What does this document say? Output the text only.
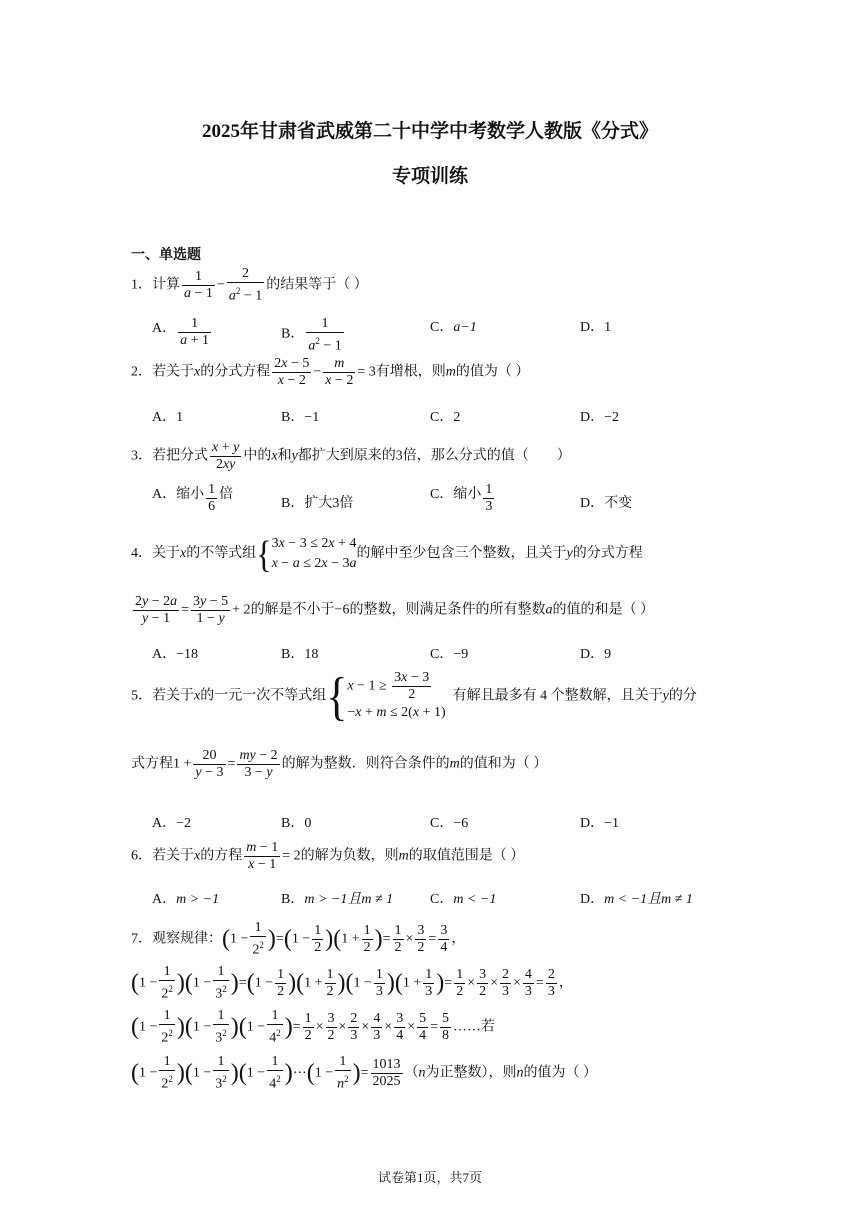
2025年甘肃省武威第二十中学中考数学人教版《分式》
专项训练
一、单选题
1．计算 $\frac{1}{a - 1} - \frac{2}{a^2 - 1}$ 的结果等于（ ）
A． $\frac{1}{a + 1}$	B． $\frac{1}{a^2 - 1}$	C．a−1	D．1
2．若关于x的分式方程 $\frac{2x - 5}{x - 2} - \frac{m}{x - 2} = 3$有增根，则m的值为（ ）
A．1	B．−1	C．2	D．−2
3．若把分式 $\frac{x + y}{2xy}$ 中的x和y都扩大到原来的3倍，那么分式的值（　　）
A．缩小 $\frac{1}{6}$ 倍
B．扩大3倍
C．缩小 $\frac{1}{3}$	D．不变
4．关于x的不等式组{ 3x − 3 ≤ 2x + 4
x − a ≤ 2x − 3a
的解中至少包含三个整数，且关于y的分式方程
$\frac{2y - 2a}{y - 1} = \frac{3y - 5}{1 - y} + 2$的解是不小于−6的整数，则满足条件的所有整数a的值的和是（ ）
A．−18	B．18	C．−9	D．9
5．若关于x的一元一次不等式组{ $x - 1 \ge \frac{3x - 3}{2}$
−x + m ≤ 2(x + 1)
有解且最多有 4 个整数解，且关于y的分
式方程$1 + \frac{20}{y - 3} = \frac{my - 2}{3 - y}$ 的解为整数．则符合条件的m的值和为（ ）
A．−2	B．0	C．−6	D．−1
6．若关于x的方程 $\frac{m - 1}{x - 1} = 2$的解为负数，则m的取值范围是（ ）
A．m > −1	B．m > −1且m ≠ 1	C．m < −1	D．m < −1且m ≠ 1
7．观察规律：$(1 - \frac{1}{2^2} )=(1 - \frac{1}{2} )(1 + \frac{1}{2}$ )= $\frac{1}{2} \times \frac{3}{2} = \frac{3}{4}$ ，
$(1 - \frac{1}{2^2} )(1 - \frac{1}{3^2} )=(1 - \frac{1}{2} )(1 + \frac{1}{2} )(1 - \frac{1}{3} )(1 + \frac{1}{3}$ )= $\frac{1}{2} \times \frac{3}{2} \times \frac{2}{3} \times \frac{4}{3} = \frac{2}{3}$ ，
$(1 - \frac{1}{2^2} )(1 - \frac{1}{3^2} )(1 - \frac{1}{4^2}$ )= $\frac{1}{2} \times \frac{3}{2} \times \frac{2}{3} \times \frac{4}{3} \times \frac{3}{4} \times \frac{5}{4} = \frac{5}{8}$ ……若
$(1 - \frac{1}{2^2} )(1 - \frac{1}{3^2} )(1 - \frac{1}{4^2}$ )⋯(1 − $\frac{1}{n^2}$ )= $\frac{1013}{2025} (n$为正整数），则n的值为（ ）
试卷第1页，共7页
